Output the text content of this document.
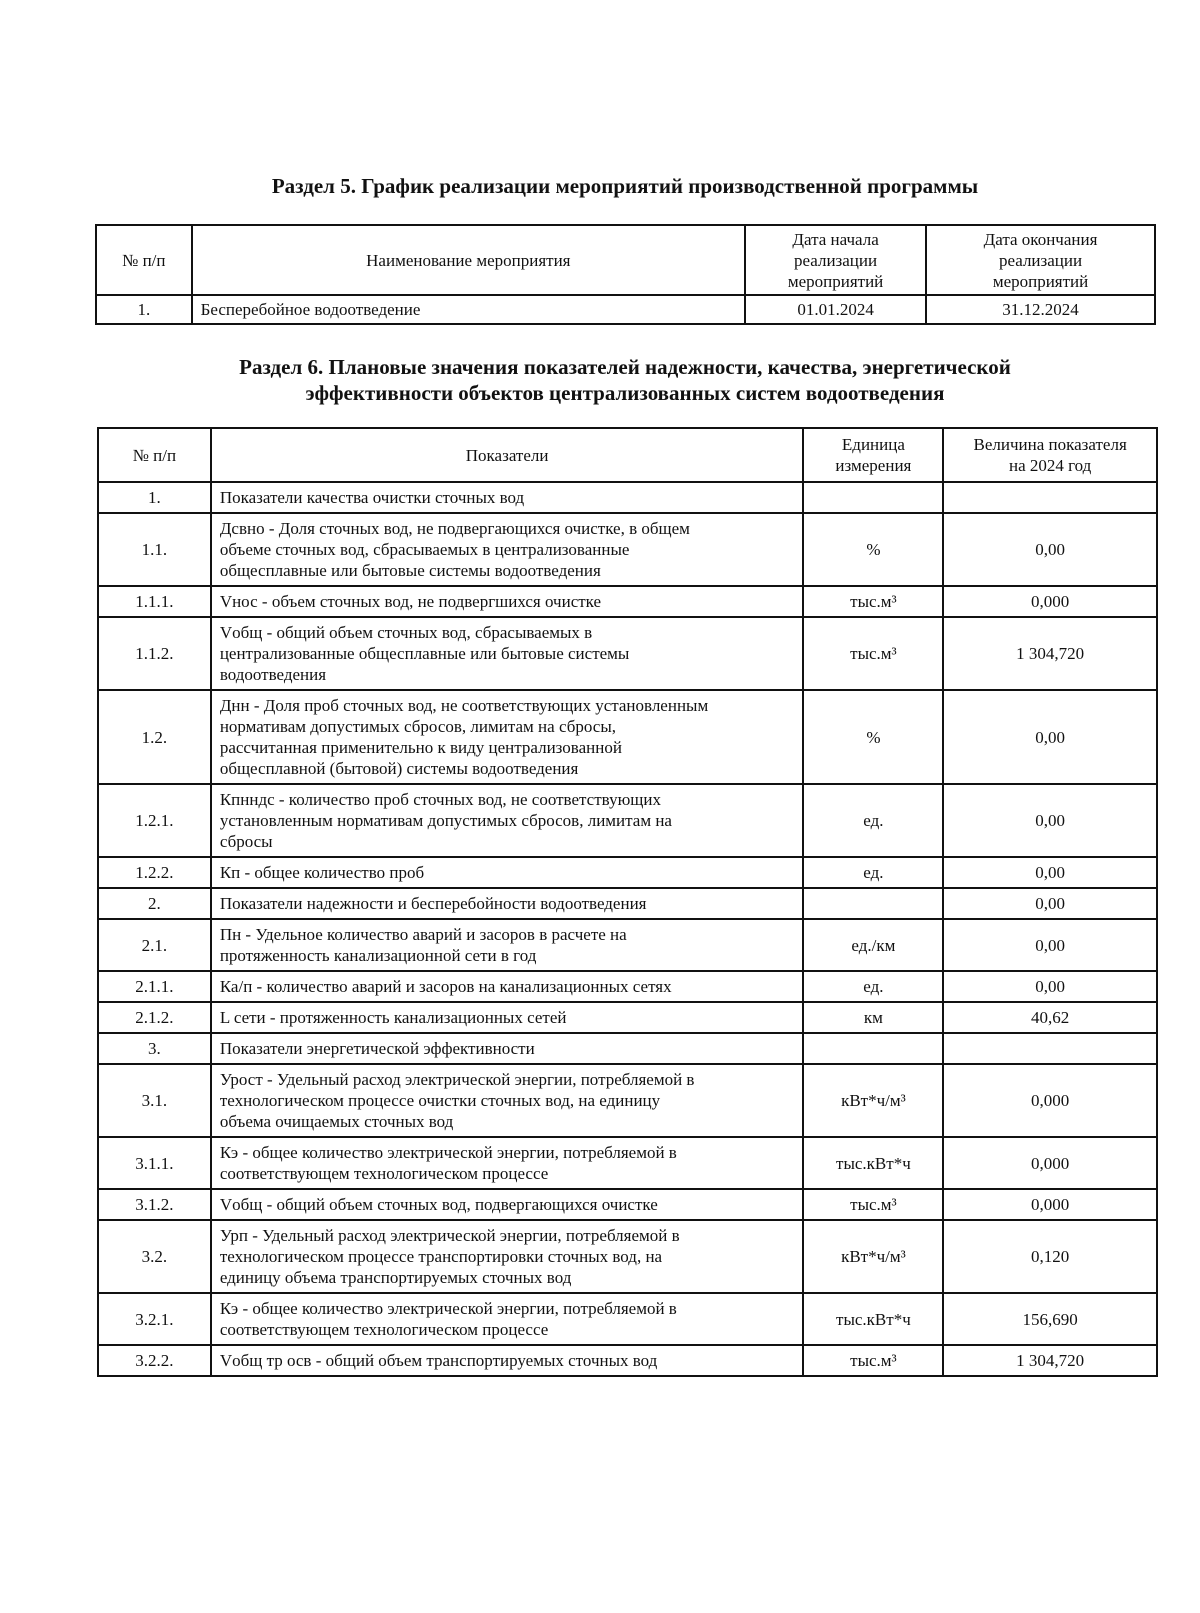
Раздел 5. График реализации мероприятий производственной программы
№ п/п	Наименование мероприятия	Дата начала
реализации
мероприятий	Дата окончания
реализации
мероприятий
1.	Бесперебойное водоотведение	01.01.2024	31.12.2024
Раздел 6. Плановые значения показателей надежности, качества, энергетической
эффективности объектов централизованных систем водоотведения
№ п/п	Показатели	Единица
измерения	Величина показателя
на 2024 год
1.	Показатели качества очистки сточных вод		
1.1.	Дсвно - Доля сточных вод, не подвергающихся очистке, в общем
объеме сточных вод, сбрасываемых в централизованные
общесплавные или бытовые системы водоотведения	%	0,00
1.1.1.	Vнос - объем сточных вод, не подвергшихся очистке	тыс.м³	0,000
1.1.2.	Vобщ - общий объем сточных вод, сбрасываемых в
централизованные общесплавные или бытовые системы
водоотведения	тыс.м³	1 304,720
1.2.	Днн - Доля проб сточных вод, не соответствующих установленным
нормативам допустимых сбросов, лимитам на сбросы,
рассчитанная применительно к виду централизованной
общесплавной (бытовой) системы водоотведения	%	0,00
1.2.1.	Кпнндс - количество проб сточных вод, не соответствующих
установленным нормативам допустимых сбросов, лимитам на
сбросы	ед.	0,00
1.2.2.	Кп - общее количество проб	ед.	0,00
2.	Показатели надежности и бесперебойности водоотведения		0,00
2.1.	Пн - Удельное количество аварий и засоров в расчете на
протяженность канализационной сети в год	ед./км	0,00
2.1.1.	Ка/п - количество аварий и засоров на канализационных сетях	ед.	0,00
2.1.2.	L сети - протяженность канализационных сетей	км	40,62
3.	Показатели энергетической эффективности		
3.1.	Урост - Удельный расход электрической энергии, потребляемой в
технологическом процессе очистки сточных вод, на единицу
объема очищаемых сточных вод	кВт*ч/м³	0,000
3.1.1.	Кэ - общее количество электрической энергии, потребляемой в
соответствующем технологическом процессе	тыс.кВт*ч	0,000
3.1.2.	Vобщ - общий объем сточных вод, подвергающихся очистке	тыс.м³	0,000
3.2.	Урп - Удельный расход электрической энергии, потребляемой в
технологическом процессе транспортировки сточных вод, на
единицу объема транспортируемых сточных вод	кВт*ч/м³	0,120
3.2.1.	Кэ - общее количество электрической энергии, потребляемой в
соответствующем технологическом процессе	тыс.кВт*ч	156,690
3.2.2.	Vобщ тр осв - общий объем транспортируемых сточных вод	тыс.м³	1 304,720
